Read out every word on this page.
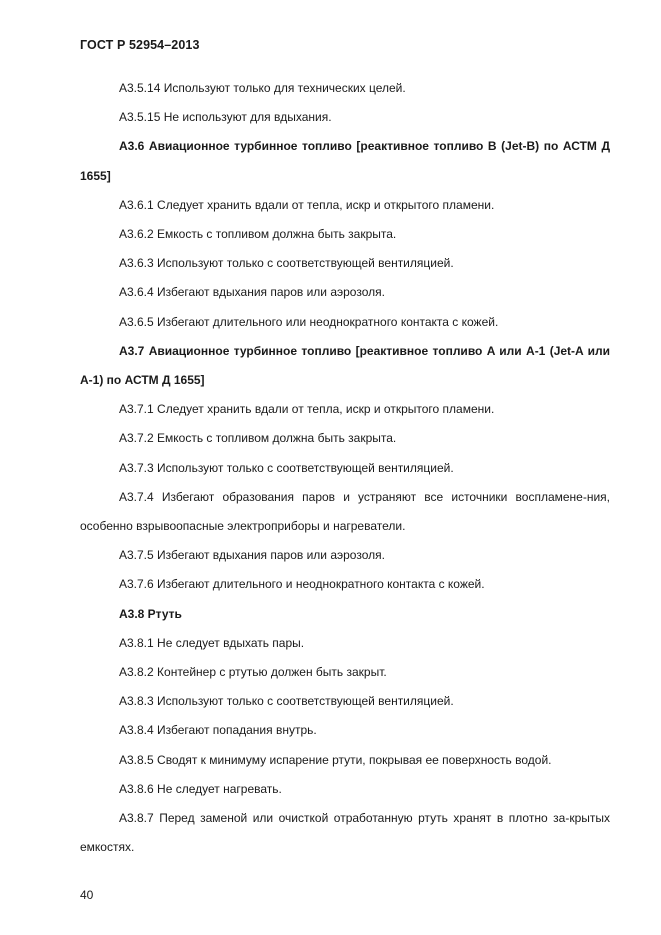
ГОСТ Р 52954–2013

А3.5.14 Используют только для технических целей.

А3.5.15 Не используют для вдыхания.

А3.6 Авиационное турбинное топливо [реактивное топливо B (Jet-B) по АСТМ Д 1655]

А3.6.1 Следует хранить вдали от тепла, искр и открытого пламени.

А3.6.2 Емкость с топливом должна быть закрыта.

А3.6.3 Используют только с соответствующей вентиляцией.

А3.6.4 Избегают вдыхания паров или аэрозоля.

А3.6.5 Избегают длительного или неоднократного контакта с кожей.

А3.7 Авиационное турбинное топливо [реактивное топливо A или A-1 (Jet-A или A-1) по АСТМ Д 1655]

А3.7.1 Следует хранить вдали от тепла, искр и открытого пламени.

А3.7.2 Емкость с топливом должна быть закрыта.

А3.7.3 Используют только с соответствующей вентиляцией.

А3.7.4 Избегают образования паров и устраняют все источники воспламене-ния, особенно взрывоопасные электроприборы и нагреватели.

А3.7.5 Избегают вдыхания паров или аэрозоля.

А3.7.6 Избегают длительного и неоднократного контакта с кожей.

А3.8 Ртуть

А3.8.1 Не следует вдыхать пары.

А3.8.2 Контейнер с ртутью должен быть закрыт.

А3.8.3 Используют только с соответствующей вентиляцией.

А3.8.4 Избегают попадания внутрь.

А3.8.5 Сводят к минимуму испарение ртути, покрывая ее поверхность водой.

А3.8.6 Не следует нагревать.

А3.8.7 Перед заменой или очисткой отработанную ртуть хранят в плотно за-крытых емкостях.

40
